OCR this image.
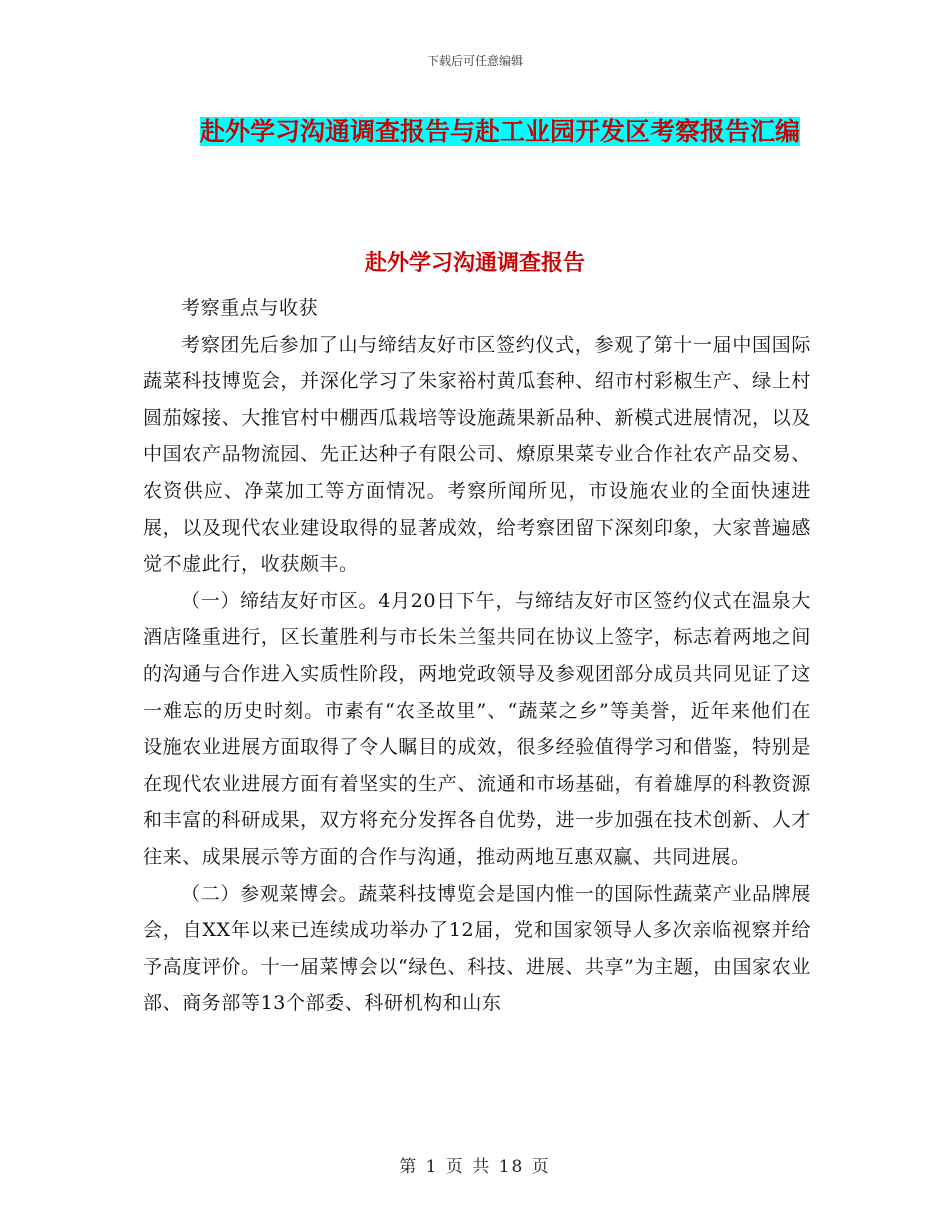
下载后可任意编辑
赴外学习沟通调查报告与赴工业园开发区考察报告汇编
赴外学习沟通调查报告

考察重点与收获

考察团先后参加了山与缔结友好市区签约仪式，参观了第十一届中国国际蔬菜科技博览会，并深化学习了朱家裕村黄瓜套种、绍市村彩椒生产、绿上村圆茄嫁接、大推官村中棚西瓜栽培等设施蔬果新品种、新模式进展情况，以及中国农产品物流园、先正达种子有限公司、燎原果菜专业合作社农产品交易、农资供应、净菜加工等方面情况。考察所闻所见，市设施农业的全面快速进展，以及现代农业建设取得的显著成效，给考察团留下深刻印象，大家普遍感觉不虚此行，收获颇丰。

（一）缔结友好市区。4月20日下午，与缔结友好市区签约仪式在温泉大酒店隆重进行，区长董胜利与市长朱兰玺共同在协议上签字，标志着两地之间的沟通与合作进入实质性阶段，两地党政领导及参观团部分成员共同见证了这一难忘的历史时刻。市素有“农圣故里”、“蔬菜之乡”等美誉，近年来他们在设施农业进展方面取得了令人瞩目的成效，很多经验值得学习和借鉴，特别是在现代农业进展方面有着坚实的生产、流通和市场基础，有着雄厚的科教资源和丰富的科研成果，双方将充分发挥各自优势，进一步加强在技术创新、人才往来、成果展示等方面的合作与沟通，推动两地互惠双赢、共同进展。

（二）参观菜博会。蔬菜科技博览会是国内惟一的国际性蔬菜产业品牌展会，自XX年以来已连续成功举办了12届，党和国家领导人多次亲临视察并给予高度评价。十一届菜博会以“绿色、科技、进展、共享”为主题，由国家农业部、商务部等13个部委、科研机构和山东

第 1 页 共 18 页
